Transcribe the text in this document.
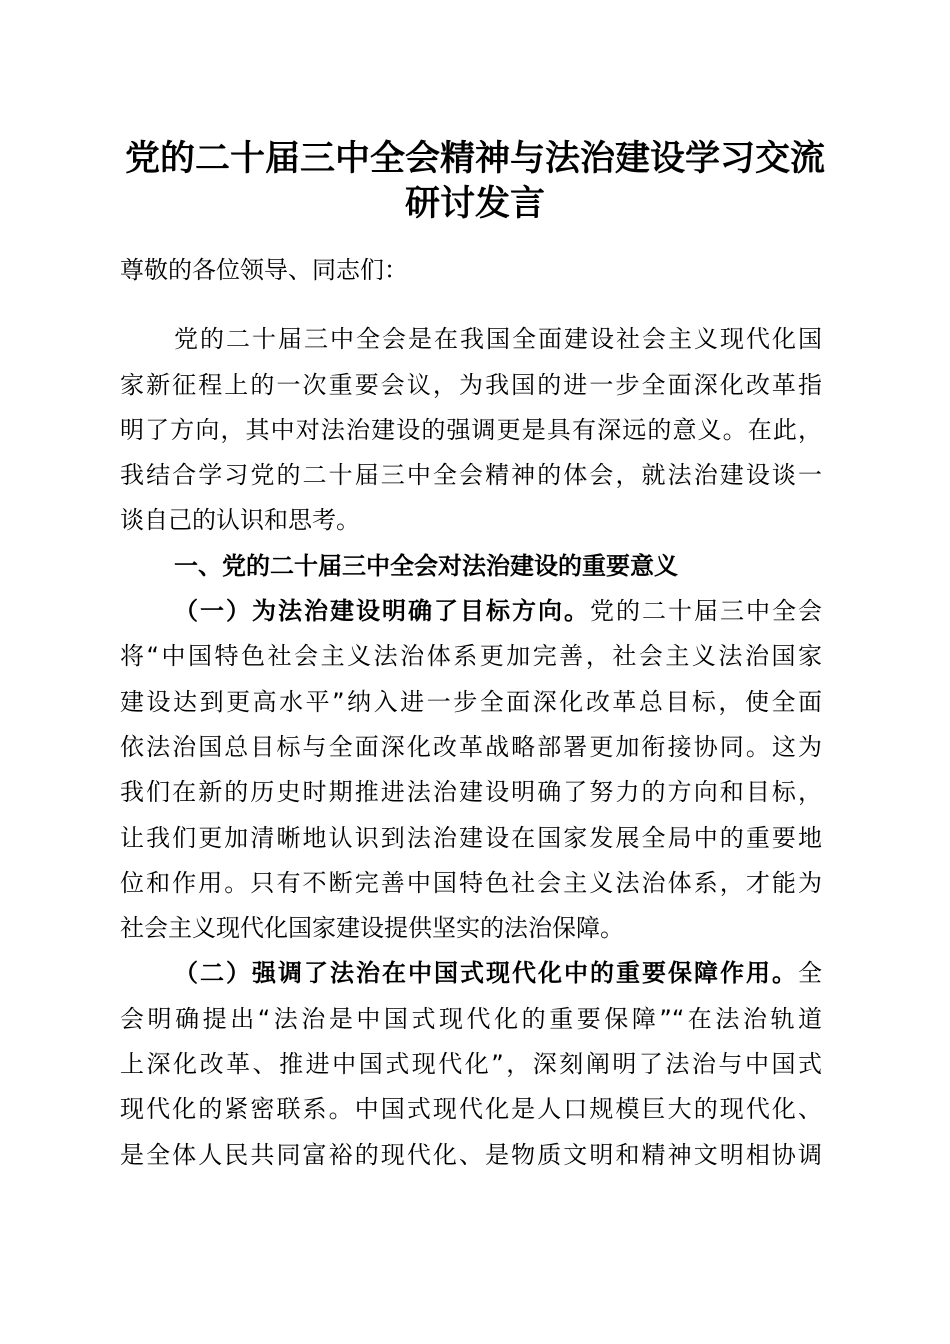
党的二十届三中全会精神与法治建设学习交流
研讨发言
尊敬的各位领导、同志们：
党的二十届三中全会是在我国全面建设社会主义现代化国
家新征程上的一次重要会议，为我国的进一步全面深化改革指
明了方向，其中对法治建设的强调更是具有深远的意义。在此，
我结合学习党的二十届三中全会精神的体会，就法治建设谈一
谈自己的认识和思考。
一、党的二十届三中全会对法治建设的重要意义
（一）为法治建设明确了目标方向。党的二十届三中全会
将“中国特色社会主义法治体系更加完善，社会主义法治国家
建设达到更高水平”纳入进一步全面深化改革总目标，使全面
依法治国总目标与全面深化改革战略部署更加衔接协同。这为
我们在新的历史时期推进法治建设明确了努力的方向和目标，
让我们更加清晰地认识到法治建设在国家发展全局中的重要地
位和作用。只有不断完善中国特色社会主义法治体系，才能为
社会主义现代化国家建设提供坚实的法治保障。
（二）强调了法治在中国式现代化中的重要保障作用。全
会明确提出“法治是中国式现代化的重要保障”“在法治轨道
上深化改革、推进中国式现代化”，深刻阐明了法治与中国式
现代化的紧密联系。中国式现代化是人口规模巨大的现代化、
是全体人民共同富裕的现代化、是物质文明和精神文明相协调
